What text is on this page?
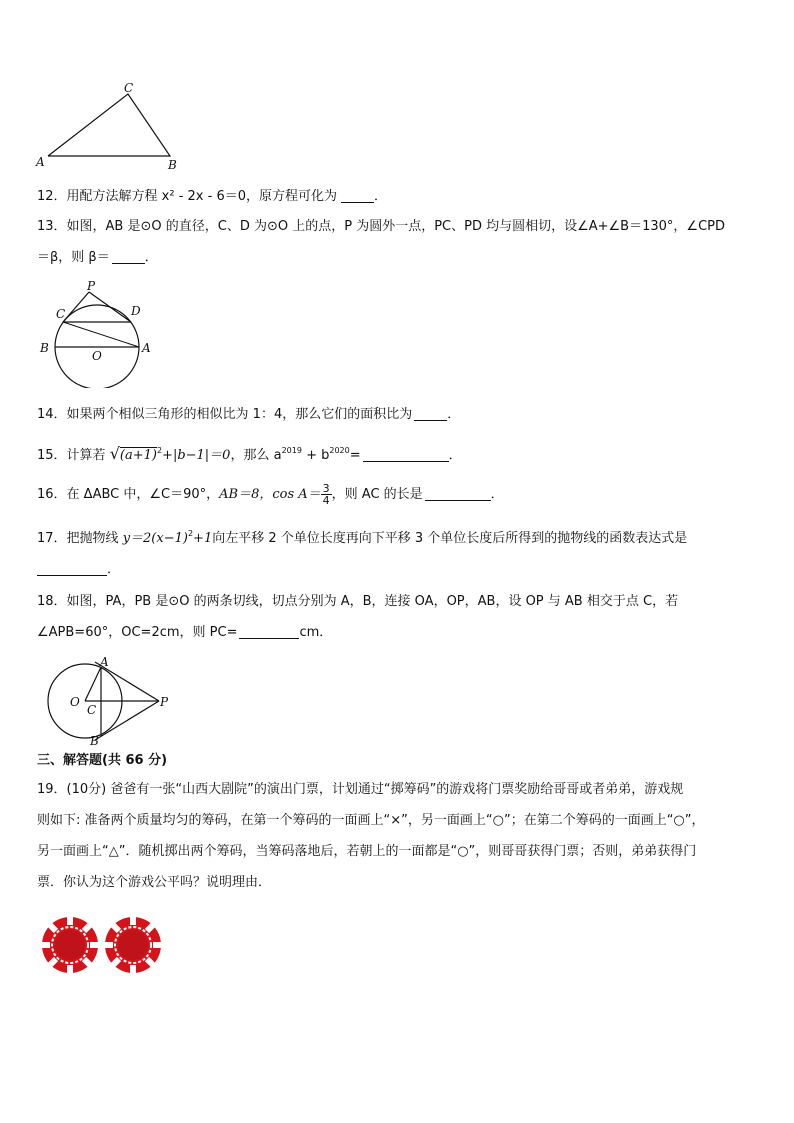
C
A	B
12．用配方法解方程 x² - 2x - 6＝0，原方程可化为	．
13．如图，AB 是⊙O 的直径，C、D 为⊙O 上的点，P 为圆外一点，PC、PD 均与圆相切，设∠A+∠B＝130°，∠CPD
＝β，则 β＝	．
P
C	D
B
O
A
14．如果两个相似三角形的相似比为 1：4，那么它们的面积比为	．
15．计算若 $√(a+1)^2+|b-1|=0$，那么 $a^{2019} + b^{2020}=$	．
16．在 ΔABC 中，∠C＝90°，AB＝8，$\cos A= \frac{3}{4}$ ，则 AC 的长是	．
17．把抛物线 $y=2(x-1)^2+1$向左平移 2 个单位长度再向下平移 3 个单位长度后所得到的抛物线的函数表达式是
．
18．如图，PA，PB 是⊙O 的两条切线，切点分别为 A，B，连接 OA，OP，AB，设 OP 与 AB 相交于点 C，若
∠APB=60°，OC=2cm，则 PC=	cm．
A
O
C
P
B
三、解答题(共 66 分)
19．(10分) 爸爸有一张“山西大剧院”的演出门票，计划通过“掷筹码”的游戏将门票奖励给哥哥或者弟弟，游戏规
则如下: 准备两个质量均匀的筹码，在第一个筹码的一面画上“×”，另一面画上“○”；在第二个筹码的一面画上“○”，
另一面画上“△”．随机掷出两个筹码，当筹码落地后，若朝上的一面都是“○”，则哥哥获得门票；否则，弟弟获得门
票．你认为这个游戏公平吗？说明理由．
